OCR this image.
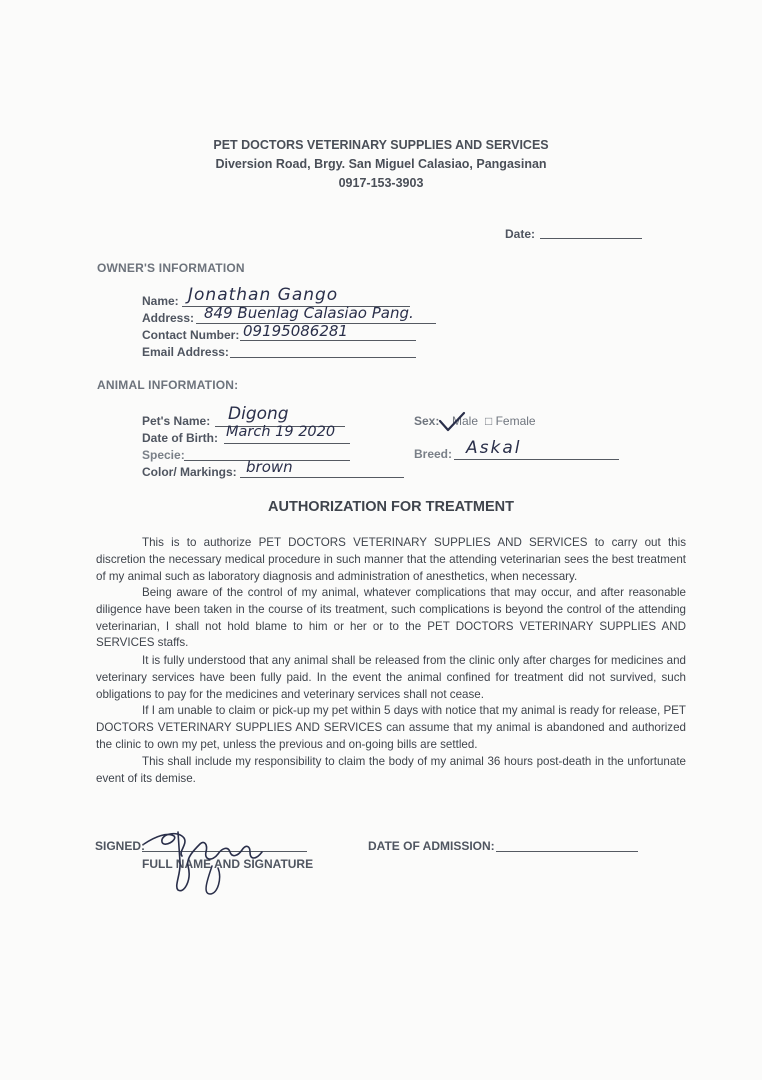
PET DOCTORS VETERINARY SUPPLIES AND SERVICES
Diversion Road, Brgy. San Miguel Calasiao, Pangasinan
0917-153-3903
Date:
OWNER'S INFORMATION
Name: Jonathan Gango
Address: 849 Buenlag Calasiao Pang.
Contact Number: 09195086281
Email Address:
ANIMAL INFORMATION:
Pet's Name: Digong
Date of Birth: March 19 2020
Specie:
Color/ Markings: brown
Sex: Male □ Female
Breed: Askal
AUTHORIZATION FOR TREATMENT

This is to authorize PET DOCTORS VETERINARY SUPPLIES AND SERVICES to carry out this discretion the necessary medical procedure in such manner that the attending veterinarian sees the best treatment of my animal such as laboratory diagnosis and administration of anesthetics, when necessary.

Being aware of the control of my animal, whatever complications that may occur, and after reasonable diligence have been taken in the course of its treatment, such complications is beyond the control of the attending veterinarian, I shall not hold blame to him or her or to the PET DOCTORS VETERINARY SUPPLIES AND SERVICES staffs.

It is fully understood that any animal shall be released from the clinic only after charges for medicines and veterinary services have been fully paid. In the event the animal confined for treatment did not survived, such obligations to pay for the medicines and veterinary services shall not cease.

If I am unable to claim or pick-up my pet within 5 days with notice that my animal is ready for release, PET DOCTORS VETERINARY SUPPLIES AND SERVICES can assume that my animal is abandoned and authorized the clinic to own my pet, unless the previous and on-going bills are settled.

This shall include my responsibility to claim the body of my animal 36 hours post-death in the unfortunate event of its demise.

SIGNED:
FULL NAME AND SIGNATURE
DATE OF ADMISSION:
